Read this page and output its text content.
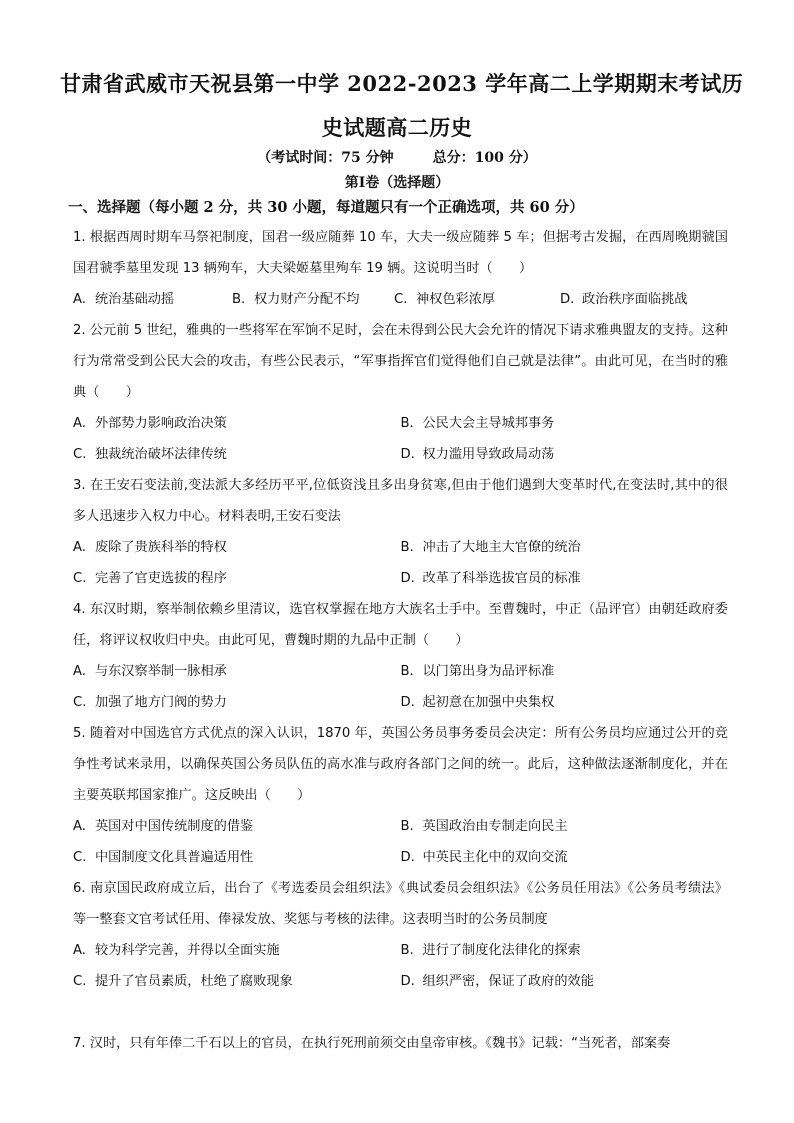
甘肃省武威市天祝县第一中学 2022-2023 学年高二上学期期末考试历
史试题高二历史
（考试时间：75 分钟        总分：100 分）
第Ⅰ卷（选择题）
一、选择题（每小题 2 分，共 30 小题，每道题只有一个正确选项，共 60 分）

1. 根据西周时期车马祭祀制度，国君一级应随葬 10 车，大夫一级应随葬 5 车；但据考古发掘，在西周晚期虢国国君虢季墓里发现 13 辆殉车，大夫梁姬墓里殉车 19 辆。这说明当时（　　）

A. 统治基础动摇	B. 权力财产分配不均	C. 神权色彩浓厚	D. 政治秩序面临挑战

2. 公元前 5 世纪，雅典的一些将军在军饷不足时，会在未得到公民大会允许的情况下请求雅典盟友的支持。这种行为常常受到公民大会的攻击，有些公民表示，“军事指挥官们觉得他们自己就是法律”。由此可见，在当时的雅典（　　）

A. 外部势力影响政治决策	B. 公民大会主导城邦事务
C. 独裁统治破坏法律传统	D. 权力滥用导致政局动荡

3. 在王安石变法前,变法派大多经历平平,位低资浅且多出身贫寒,但由于他们遇到大变革时代,在变法时,其中的很多人迅速步入权力中心。材料表明,王安石变法

A. 废除了贵族科举的特权	B. 冲击了大地主大官僚的统治
C. 完善了官吏选拔的程序	D. 改革了科举选拔官员的标准

4. 东汉时期，察举制依赖乡里清议，选官权掌握在地方大族名士手中。至曹魏时，中正（品评官）由朝廷政府委任，将评议权收归中央。由此可见，曹魏时期的九品中正制（　　）

A. 与东汉察举制一脉相承	B. 以门第出身为品评标准
C. 加强了地方门阀的势力	D. 起初意在加强中央集权

5. 随着对中国选官方式优点的深入认识，1870 年，英国公务员事务委员会决定：所有公务员均应通过公开的竞争性考试来录用，以确保英国公务员队伍的高水准与政府各部门之间的统一。此后，这种做法逐渐制度化，并在主要英联邦国家推广。这反映出（　　）

A. 英国对中国传统制度的借鉴	B. 英国政治由专制走向民主
C. 中国制度文化具普遍适用性	D. 中英民主化中的双向交流

6. 南京国民政府成立后，出台了《考选委员会组织法》《典试委员会组织法》《公务员任用法》《公务员考绩法》等一整套文官考试任用、俸禄发放、奖惩与考核的法律。这表明当时的公务员制度

A. 较为科学完善，并得以全面实施	B. 进行了制度化法律化的探索
C. 提升了官员素质，杜绝了腐败现象	D. 组织严密，保证了政府的效能

7. 汉时，只有年俸二千石以上的官员，在执行死刑前须交由皇帝审核。《魏书》记载：“当死者，部案奏
